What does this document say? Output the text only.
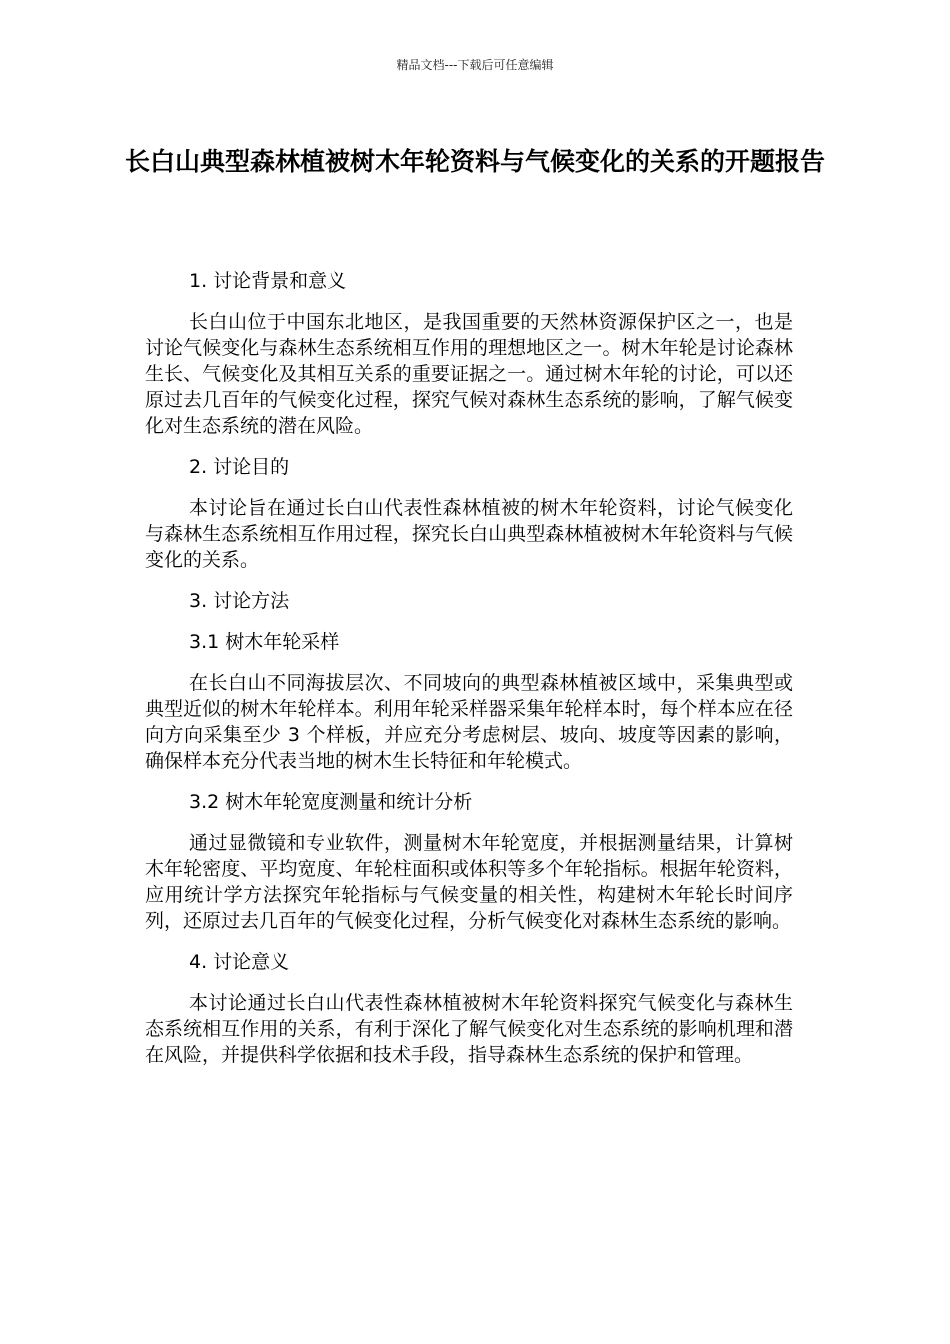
精品文档---下载后可任意编辑
长白山典型森林植被树木年轮资料与气候变化的关系的开题报告
1. 讨论背景和意义

长白山位于中国东北地区，是我国重要的天然林资源保护区之一，也是讨论气候变化与森林生态系统相互作用的理想地区之一。树木年轮是讨论森林生长、气候变化及其相互关系的重要证据之一。通过树木年轮的讨论，可以还原过去几百年的气候变化过程，探究气候对森林生态系统的影响，了解气候变化对生态系统的潜在风险。

2. 讨论目的

本讨论旨在通过长白山代表性森林植被的树木年轮资料，讨论气候变化与森林生态系统相互作用过程，探究长白山典型森林植被树木年轮资料与气候变化的关系。

3. 讨论方法
3.1 树木年轮采样

在长白山不同海拔层次、不同坡向的典型森林植被区域中，采集典型或典型近似的树木年轮样本。利用年轮采样器采集年轮样本时，每个样本应在径向方向采集至少 3 个样板，并应充分考虑树层、坡向、坡度等因素的影响，确保样本充分代表当地的树木生长特征和年轮模式。

3.2 树木年轮宽度测量和统计分析

通过显微镜和专业软件，测量树木年轮宽度，并根据测量结果，计算树木年轮密度、平均宽度、年轮柱面积或体积等多个年轮指标。根据年轮资料，应用统计学方法探究年轮指标与气候变量的相关性，构建树木年轮长时间序列，还原过去几百年的气候变化过程，分析气候变化对森林生态系统的影响。

4. 讨论意义

本讨论通过长白山代表性森林植被树木年轮资料探究气候变化与森林生态系统相互作用的关系，有利于深化了解气候变化对生态系统的影响机理和潜在风险，并提供科学依据和技术手段，指导森林生态系统的保护和管理。
